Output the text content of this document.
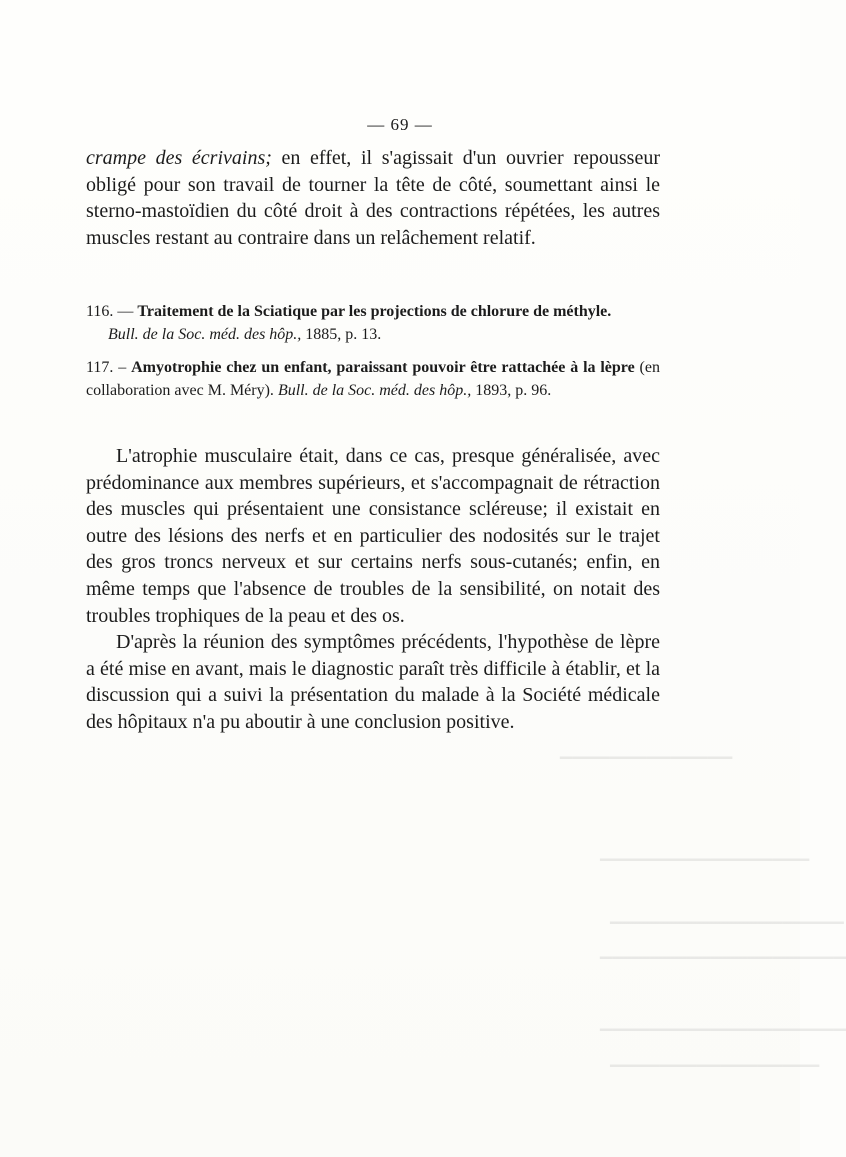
— 69 —

crampe des écrivains; en effet, il s'agissait d'un ouvrier repousseur obligé pour son travail de tourner la tête de côté, soumettant ainsi le sterno-mastoïdien du côté droit à des contractions répétées, les autres muscles restant au contraire dans un relâchement relatif.

116. — Traitement de la Sciatique par les projections de chlorure de méthyle.
Bull. de la Soc. méd. des hôp., 1885, p. 13.
117. – Amyotrophie chez un enfant, paraissant pouvoir être rattachée à la lèpre (en collaboration avec M. Méry). Bull. de la Soc. méd. des hôp., 1893, p. 96.

L'atrophie musculaire était, dans ce cas, presque généralisée, avec prédominance aux membres supérieurs, et s'accompagnait de rétraction des muscles qui présentaient une consistance scléreuse; il existait en outre des lésions des nerfs et en particulier des nodosités sur le trajet des gros troncs nerveux et sur certains nerfs sous-cutanés; enfin, en même temps que l'absence de troubles de la sensibilité, on notait des troubles trophiques de la peau et des os.

D'après la réunion des symptômes précédents, l'hypothèse de lèpre a été mise en avant, mais le diagnostic paraît très difficile à établir, et la discussion qui a suivi la présentation du malade à la Société médicale des hôpitaux n'a pu aboutir à une conclusion positive.

▁▁▁▁▁▁▁▁▁▁▁▁▁▁
▁▁▁▁▁▁▁▁▁▁▁▁▁▁▁▁▁
▁▁▁▁▁▁▁▁▁▁▁▁▁▁▁▁▁▁▁
▁▁▁▁▁▁▁▁▁▁▁▁▁▁▁▁▁▁▁▁
▁▁▁▁▁▁▁▁▁▁▁▁▁▁▁▁▁▁▁▁
▁▁▁▁▁▁▁▁▁▁▁▁▁▁▁▁▁
